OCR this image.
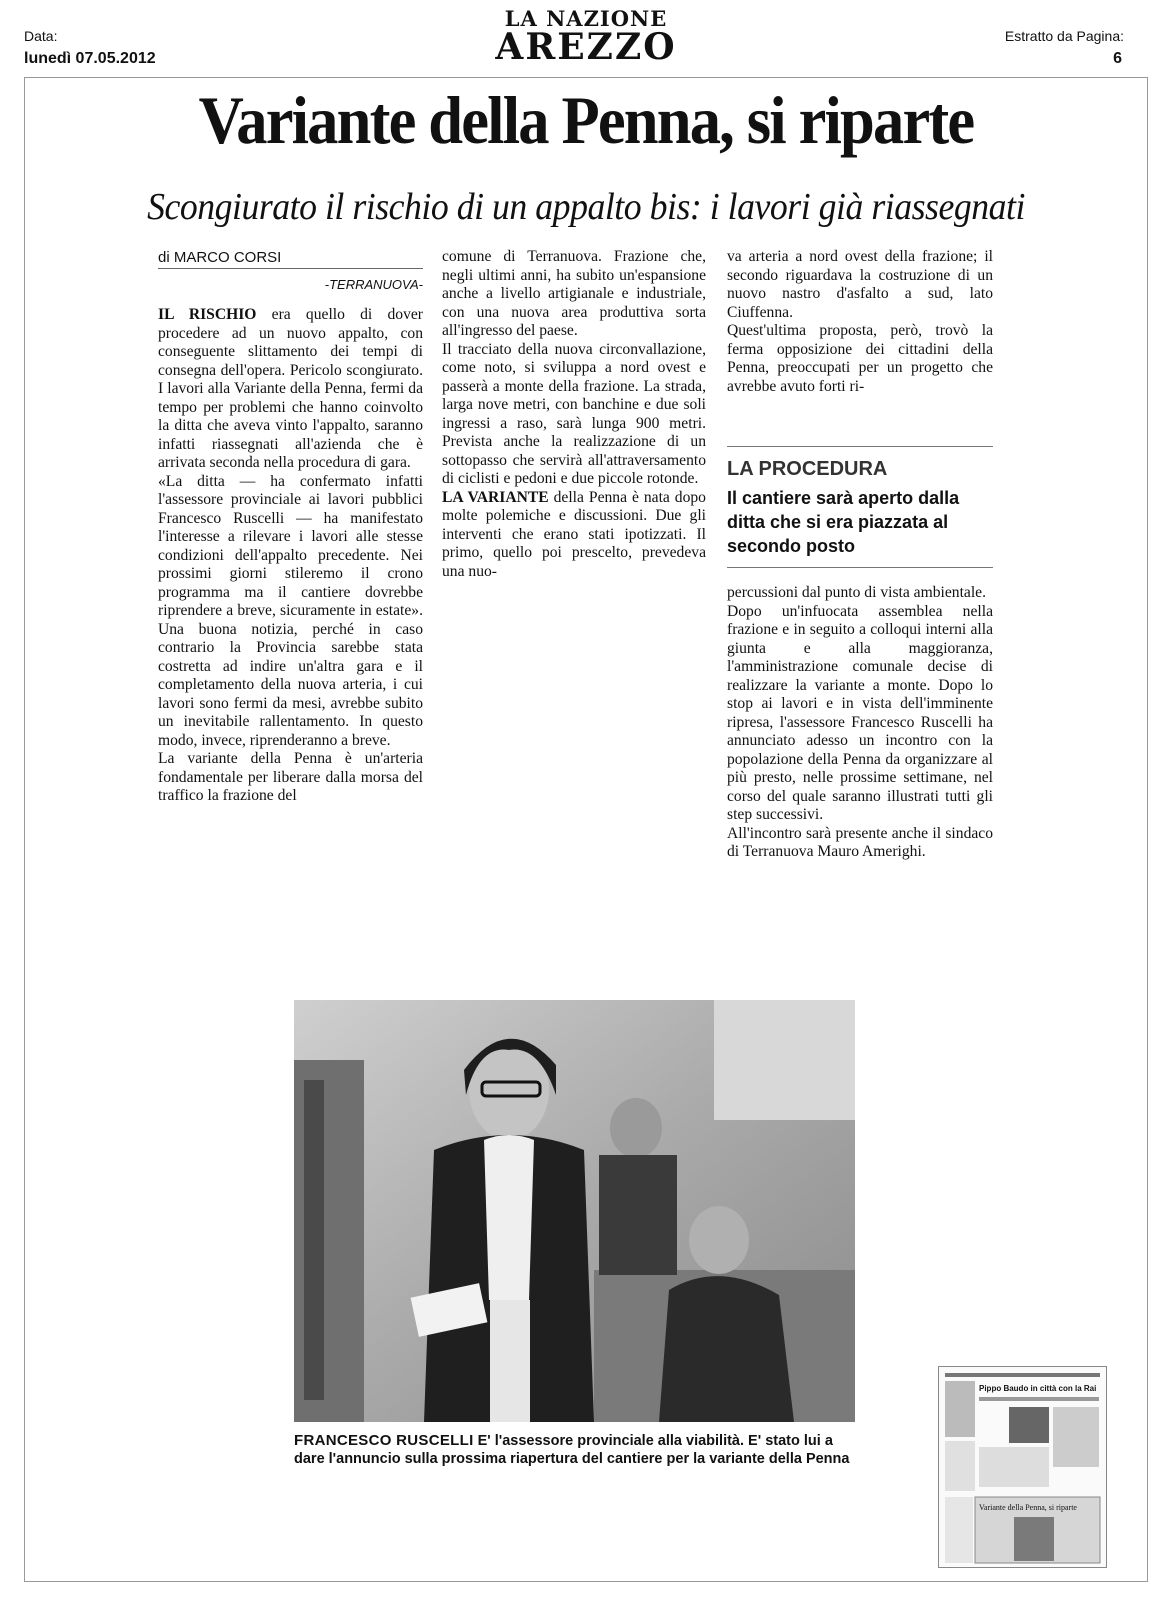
Data:
lunedì 07.05.2012
LA NAZIONE
AREZZO	Estratto da Pagina:
6
Variante della Penna, si riparte
Scongiurato il rischio di un appalto bis: i lavori già riassegnati
di MARCO CORSI
-TERRANUOVA-

IL RISCHIO era quello di dover procedere ad un nuovo appalto, con conseguente slittamento dei tempi di consegna dell'opera. Pericolo scongiurato. I lavori alla Variante della Penna, fermi da tempo per problemi che hanno coinvolto la ditta che aveva vinto l'appalto, saranno infatti riassegnati all'azienda che è arrivata seconda nella procedura di gara.

«La ditta — ha confermato infatti l'assessore provinciale ai lavori pubblici Francesco Ruscelli — ha manifestato l'interesse a rilevare i lavori alle stesse condizioni dell'appalto precedente. Nei prossimi giorni stileremo il crono programma ma il cantiere dovrebbe riprendere a breve, sicuramente in estate». Una buona notizia, perché in caso contrario la Provincia sarebbe stata costretta ad indire un'altra gara e il completamento della nuova arteria, i cui lavori sono fermi da mesi, avrebbe subito un inevitabile rallentamento. In questo modo, invece, riprenderanno a breve.

La variante della Penna è un'arteria fondamentale per liberare dalla morsa del traffico la frazione del

comune di Terranuova. Frazione che, negli ultimi anni, ha subito un'espansione anche a livello artigianale e industriale, con una nuova area produttiva sorta all'ingresso del paese.

Il tracciato della nuova circonvallazione, come noto, si sviluppa a nord ovest e passerà a monte della frazione. La strada, larga nove metri, con banchine e due soli ingressi a raso, sarà lunga 900 metri. Prevista anche la realizzazione di un sottopasso che servirà all'attraversamento di ciclisti e pedoni e due piccole rotonde.

LA VARIANTE della Penna è nata dopo molte polemiche e discussioni. Due gli interventi che erano stati ipotizzati. Il primo, quello poi prescelto, prevedeva una nuo-

va arteria a nord ovest della frazione; il secondo riguardava la costruzione di un nuovo nastro d'asfalto a sud, lato Ciuffenna.

Quest'ultima proposta, però, trovò la ferma opposizione dei cittadini della Penna, preoccupati per un progetto che avrebbe avuto forti ri-

LA PROCEDURA
Il cantiere sarà aperto dalla ditta che si era piazzata al secondo posto

percussioni dal punto di vista ambientale.

Dopo un'infuocata assemblea nella frazione e in seguito a colloqui interni alla giunta e alla maggioranza, l'amministrazione comunale decise di realizzare la variante a monte. Dopo lo stop ai lavori e in vista dell'imminente ripresa, l'assessore Francesco Ruscelli ha annunciato adesso un incontro con la popolazione della Penna da organizzare al più presto, nelle prossime settimane, nel corso del quale saranno illustrati tutti gli step successivi.

All'incontro sarà presente anche il sindaco di Terranuova Mauro Amerighi.

FRANCESCO RUSCELLI E' l'assessore provinciale alla viabilità. E' stato lui a dare l'annuncio sulla prossima riapertura del cantiere per la variante della Penna
Pippo Baudo in città con la Rai
Variante della Penna, si riparte
